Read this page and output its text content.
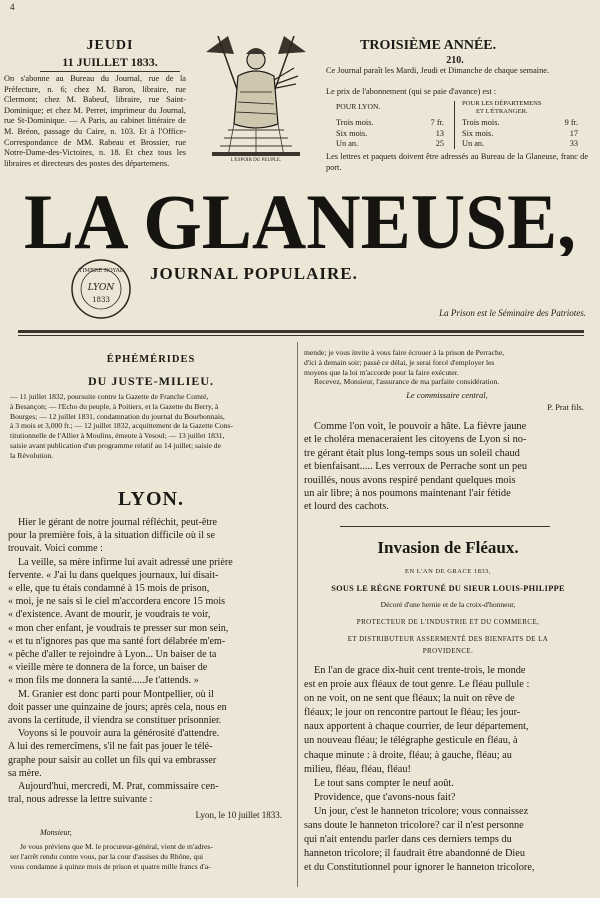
4
JEUDI
11 JUILLET 1833.
On s'abonne au Bureau du Journal, rue de la Préfecture, n. 6; chez M. Baron, libraire, rue Clermont; chez M. Babeuf, libraire, rue Saint-Dominique; et chez M. Perret, imprimeur du Journal, rue St-Dominique. — A Paris, au cabinet littéraire de M. Bréon, passage du Caire, n. 103. Et à l'Office-Correspondance de MM. Rabeau et Brossier, rue Notre-Dame-des-Victoires, n. 18. Et chez tous les libraires et directeurs des postes des départemens.	L'ESPOIR DU PEUPLE.
TROISIÈME ANNÉE.
210.
Ce Journal paraît les Mardi, Jeudi et Dimanche de chaque semaine.
Le prix de l'abonnement (qui se paie d'avance) est :
POUR LYON.	POUR LES DÉPARTEMENS
ET L'ÉTRANGER.
Trois mois.	7 fr.
Six mois.	13
Un an.	25
Trois mois.	9 fr.
Six mois.	17
Un an.	33
Les lettres et paquets doivent être adressés au Bureau de la Glaneuse, franc de port.
LA GLANEUSE,
TIMBRE ROYAL
LYON
1833
JOURNAL POPULAIRE.
La Prison est le Séminaire des Patriotes.
ÉPHÉMÉRIDES
DU JUSTE-MILIEU.
— 11 juillet 1832, poursuite contre la Gazette de Franche Comté,
à Besançon; — l'Echo du peuple, à Poitiers, et la Gazette du Berry, à
Bourges; — 12 juillet 1831, condamnation du journal du Bourbonnais,
à 3 mois et 3,000 fr.; — 12 juillet 1832, acquittement de la Gazette Cons-
titutionnelle de l'Allier à Moulins, émeute à Vesoul; — 13 juillet 1831,
saisie avant publication d'un programme relatif au 14 juillet; saisie de
la Révolution.
LYON.
Hier le gérant de notre journal réfléchit, peut-être
pour la première fois, à la situation difficile où il se
trouvait. Voici comme :
La veille, sa mère infirme lui avait adressé une prière
fervente. « J'ai lu dans quelques journaux, lui disait-
« elle, que tu étais condamné à 15 mois de prison,
« moi, je ne sais si le ciel m'accordera encore 15 mois
« d'existence. Avant de mourir, je voudrais te voir,
« mon cher enfant, je voudrais te presser sur mon sein,
« et tu n'ignores pas que ma santé fort délabrée m'em-
« pêche d'aller te rejoindre à Lyon... Un baiser de ta
« vieille mère te donnera de la force, un baiser de
« mon fils me donnera la santé.....Je t'attends. »
M. Granier est donc parti pour Montpellier, où il
doit passer une quinzaine de jours; après cela, nous en
avons la certitude, il viendra se constituer prisonnier.
Voyons si le pouvoir aura la générosité d'attendre.
A lui des remercîmens, s'il ne fait pas jouer le télé-
graphe pour saisir au collet un fils qui va embrasser
sa mère.
Aujourd'hui, mercredi, M. Prat, commissaire cen-
tral, nous adresse la lettre suivante :
Lyon, le 10 juillet 1833.
Monsieur,
Je vous préviens que M. le procureur-général, vient de m'adres-
ser l'arrêt rendu contre vous, par la cour d'assises du Rhône, qui
vous condamne à quinze mois de prison et quatre mille francs d'a-
mende; je vous invite à vous faire écrouer à la prison de Perrache,
d'ici à demain soir; passé ce délai, je serai forcé d'employer les
moyens que la loi m'accorde pour la faire exécuter.
Recevez, Monsieur, l'assurance de ma parfaite considération.
Le commissaire central,
P. Prat fils.
Comme l'on voit, le pouvoir a hâte. La fièvre jaune
et le choléra menaceraient les citoyens de Lyon si no-
tre gérant était plus long-temps sous un soleil chaud
et bienfaisant..... Les verroux de Perrache sont un peu
rouillés, nous avons respiré pendant quelques mois
un air libre; à nos poumons maintenant l'air fétide
et lourd des cachots.
Invasion de Fléaux.
EN L'AN DE GRACE 1833,
SOUS LE RÈGNE FORTUNÉ DU SIEUR LOUIS-PHILIPPE
Décoré d'une hernie et de la croix-d'honneur,
PROTECTEUR DE L'INDUSTRIE ET DU COMMERCE,
ET DISTRIBUTEUR ASSERMENTÉ DES BIENFAITS DE LA
PROVIDENCE.
En l'an de grace dix-huit cent trente-trois, le monde
est en proie aux fléaux de tout genre. Le fléau pullule :
on ne voit, on ne sent que fléaux; la nuit on rêve de
fléaux; le jour on rencontre partout le fléau; les jour-
naux apportent à chaque courrier, de leur département,
un nouveau fléau; le télégraphe gesticule en fléau, à
chaque minute : à droite, fléau; à gauche, fléau; au
milieu, fléau, fléau, fléau!
Le tout sans compter le neuf août.
Providence, que t'avons-nous fait?
Un jour, c'est le hanneton tricolore; vous connaissez
sans doute le hanneton tricolore? car il n'est personne
qui n'ait entendu parler dans ces derniers temps du
hanneton tricolore; il faudrait être abandonné de Dieu
et du Constitutionnel pour ignorer le hanneton tricolore,
